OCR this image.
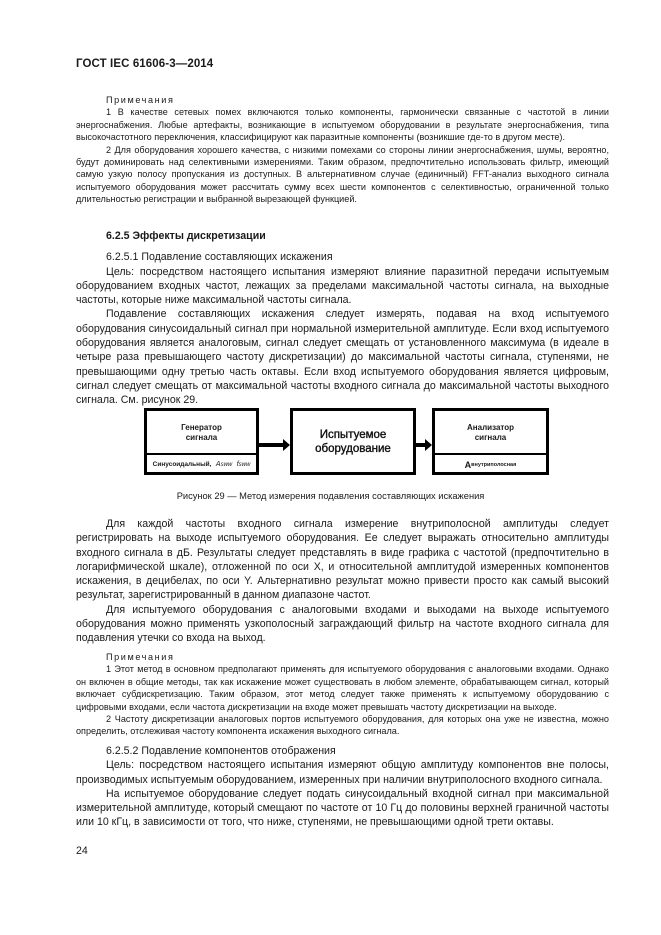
ГОСТ IEC 61606-3—2014

Примечания

1 В качестве сетевых помех включаются только компоненты, гармонически связанные с частотой в линии энергоснабжения. Любые артефакты, возникающие в испытуемом оборудовании в результате энергоснабжения, типа высокочастотного переключения, классифицируют как паразитные компоненты (возникшие где-то в другом месте).

2 Для оборудования хорошего качества, с низкими помехами со стороны линии энергоснабжения, шумы, вероятно, будут доминировать над селективными измерениями. Таким образом, предпочтительно использовать фильтр, имеющий самую узкую полосу пропускания из доступных. В альтернативном случае (единичный) FFT-анализ выходного сигнала испытуемого оборудования может рассчитать сумму всех шести компонентов с селективностью, ограниченной только длительностью регистрации и выбранной вырезающей функцией.

6.2.5 Эффекты дискретизации

6.2.5.1 Подавление составляющих искажения

Цель: посредством настоящего испытания измеряют влияние паразитной передачи испытуемым оборудованием входных частот, лежащих за пределами максимальной частоты сигнала, на выходные частоты, которые ниже максимальной частоты сигнала.

Подавление составляющих искажения следует измерять, подавая на вход испытуемого оборудования синусоидальный сигнал при нормальной измерительной амплитуде. Если вход испытуемого оборудования является аналоговым, сигнал следует смещать от установленного максимума (в идеале в четыре раза превышающего частоту дискретизации) до максимальной частоты сигнала, ступенями, не превышающими одну третью часть октавы. Если вход испытуемого оборудования является цифровым, сигнал следует смещать от максимальной частоты входного сигнала до максимальной частоты выходного сигнала. См. рисунок 29.

Генератор
сигнала
Синусоидальный,
A sww
f sww
Испытуемое
оборудование
Анализатор
сигнала
A внутриполосная
Рисунок 29 — Метод измерения подавления составляющих искажения

Для каждой частоты входного сигнала измерение внутриполосной амплитуды следует регистрировать на выходе испытуемого оборудования. Ее следует выражать относительно амплитуды входного сигнала в дБ. Результаты следует представлять в виде графика с частотой (предпочтительно в логарифмической шкале), отложенной по оси X, и относительной амплитудой измеренных компонентов искажения, в децибелах, по оси Y. Альтернативно результат можно привести просто как самый высокий результат, зарегистрированный в данном диапазоне частот.

Для испытуемого оборудования с аналоговыми входами и выходами на выходе испытуемого оборудования можно применять узкополосный заграждающий фильтр на частоте входного сигнала для подавления утечки со входа на выход.

Примечания

1 Этот метод в основном предполагают применять для испытуемого оборудования с аналоговыми входами. Однако он включен в общие методы, так как искажение может существовать в любом элементе, обрабатывающем сигнал, который включает субдискретизацию. Таким образом, этот метод следует также применять к испытуемому оборудованию с цифровыми входами, если частота дискретизации на входе может превышать частоту дискретизации на выходе.

2 Частоту дискретизации аналоговых портов испытуемого оборудования, для которых она уже не известна, можно определить, отслеживая частоту компонента искажения выходного сигнала.

6.2.5.2 Подавление компонентов отображения

Цель: посредством настоящего испытания измеряют общую амплитуду компонентов вне полосы, производимых испытуемым оборудованием, измеренных при наличии внутриполосного входного сигнала.

На испытуемое оборудование следует подать синусоидальный входной сигнал при максимальной измерительной амплитуде, который смещают по частоте от 10 Гц до половины верхней граничной частоты или 10 кГц, в зависимости от того, что ниже, ступенями, не превышающими одной трети октавы.

24
